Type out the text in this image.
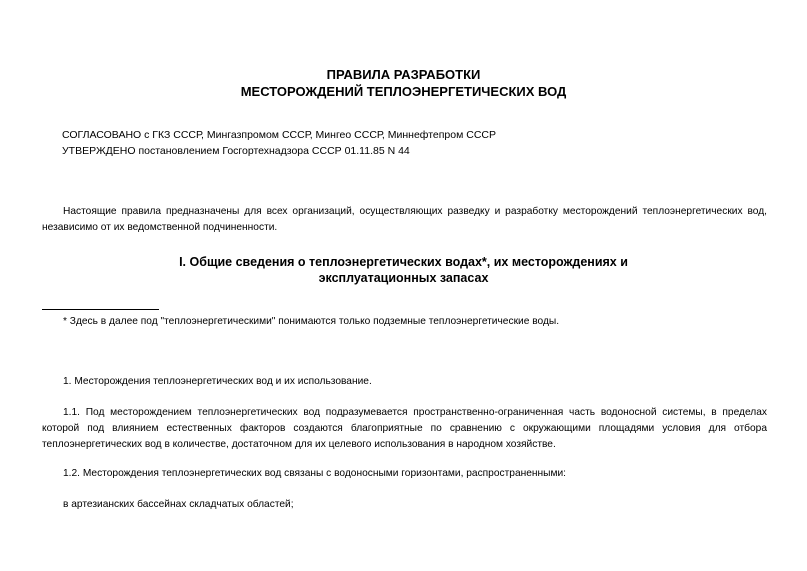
ПРАВИЛА РАЗРАБОТКИ
МЕСТОРОЖДЕНИЙ ТЕПЛОЭНЕРГЕТИЧЕСКИХ ВОД
СОГЛАСОВАНО с ГКЗ СССР, Мингазпромом СССР, Мингео СССР, Миннефтепром СССР
УТВЕРЖДЕНО постановлением Госгортехнадзора СССР 01.11.85 N 44
Настоящие правила предназначены для всех организаций, осуществляющих разведку и разработку месторождений теплоэнергетических вод, независимо от их ведомственной подчиненности.
I. Общие сведения о теплоэнергетических водах*, их месторождениях и
эксплуатационных запасах
* Здесь в далее под "теплоэнергетическими" понимаются только подземные теплоэнергетические воды.
1. Месторождения теплоэнергетических вод и их использование.
1.1. Под месторождением теплоэнергетических вод подразумевается пространственно-ограниченная часть водоносной системы, в пределах которой под влиянием естественных факторов создаются благоприятные по сравнению с окружающими площадями условия для отбора теплоэнергетических вод в количестве, достаточном для их целевого использования в народном хозяйстве.
1.2. Месторождения теплоэнергетических вод связаны с водоносными горизонтами, распространенными:
в артезианских бассейнах складчатых областей;
